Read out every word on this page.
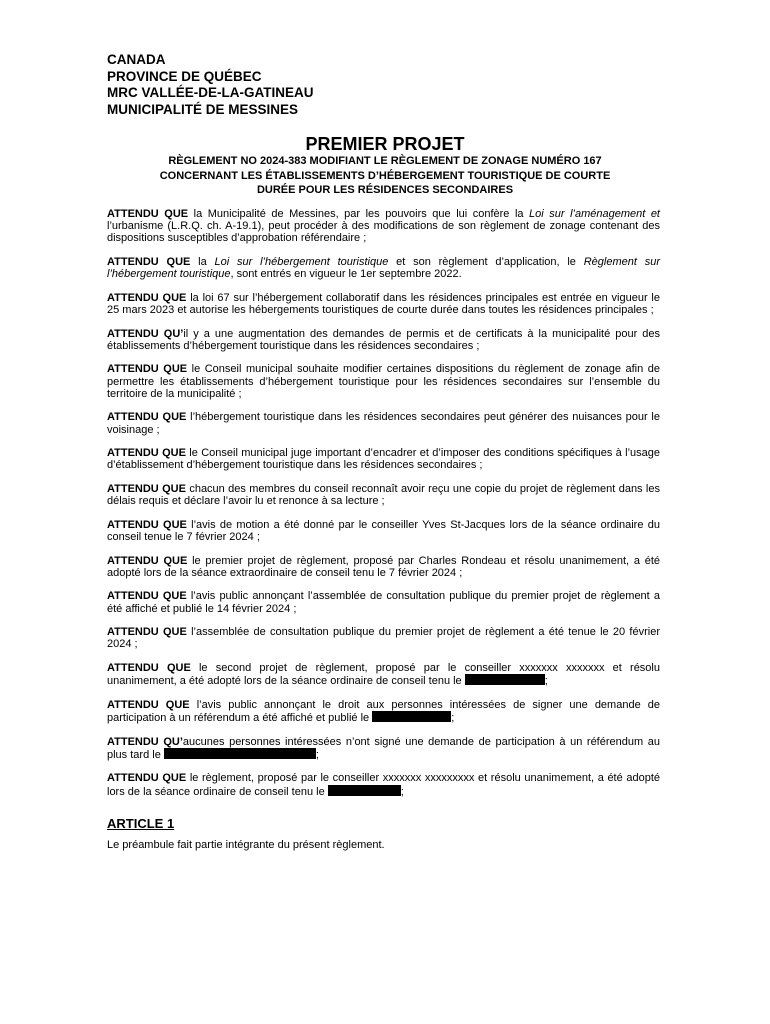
CANADA
PROVINCE DE QUÉBEC
MRC VALLÉE-DE-LA-GATINEAU
MUNICIPALITÉ DE MESSINES
PREMIER PROJET
RÈGLEMENT NO 2024-383 MODIFIANT LE RÈGLEMENT DE ZONAGE NUMÉRO 167
CONCERNANT LES ÉTABLISSEMENTS D’HÉBERGEMENT TOURISTIQUE DE COURTE
DURÉE POUR LES RÉSIDENCES SECONDAIRES

ATTENDU QUE la Municipalité de Messines, par les pouvoirs que lui confère la Loi sur l’aménagement et l’urbanisme (L.R.Q. ch. A-19.1), peut procéder à des modifications de son règlement de zonage contenant des dispositions susceptibles d’approbation référendaire ;

ATTENDU QUE la Loi sur l’hébergement touristique et son règlement d’application, le Règlement sur l’hébergement touristique, sont entrés en vigueur le 1er septembre 2022.

ATTENDU QUE la loi 67 sur l’hébergement collaboratif dans les résidences principales est entrée en vigueur le 25 mars 2023 et autorise les hébergements touristiques de courte durée dans toutes les résidences principales ;

ATTENDU QU’il y a une augmentation des demandes de permis et de certificats à la municipalité pour des établissements d’hébergement touristique dans les résidences secondaires ;

ATTENDU QUE le Conseil municipal souhaite modifier certaines dispositions du règlement de zonage afin de permettre les établissements d’hébergement touristique pour les résidences secondaires sur l’ensemble du territoire de la municipalité ;

ATTENDU QUE l’hébergement touristique dans les résidences secondaires peut générer des nuisances pour le voisinage ;

ATTENDU QUE le Conseil municipal juge important d’encadrer et d’imposer des conditions spécifiques à l’usage d’établissement d’hébergement touristique dans les résidences secondaires ;

ATTENDU QUE chacun des membres du conseil reconnaît avoir reçu une copie du projet de règlement dans les délais requis et déclare l’avoir lu et renonce à sa lecture ;

ATTENDU QUE l’avis de motion a été donné par le conseiller Yves St-Jacques lors de la séance ordinaire du conseil tenue le 7 février 2024 ;

ATTENDU QUE le premier projet de règlement, proposé par Charles Rondeau et résolu unanimement, a été adopté lors de la séance extraordinaire de conseil tenu le 7 février 2024 ;

ATTENDU QUE l’avis public annonçant l’assemblée de consultation publique du premier projet de règlement a été affiché et publié le 14 février 2024 ;

ATTENDU QUE l’assemblée de consultation publique du premier projet de règlement a été tenue le 20 février 2024 ;

ATTENDU QUE le second projet de règlement, proposé par le conseiller xxxxxxx xxxxxxx et résolu unanimement, a été adopté lors de la séance ordinaire de conseil tenu le	;

ATTENDU QUE l’avis public annonçant le droit aux personnes intéressées de signer une demande de participation à un référendum a été affiché et publié le	;

ATTENDU QU’aucunes personnes intéressées n’ont signé une demande de participation à un référendum au plus tard le	;

ATTENDU QUE le règlement, proposé par le conseiller xxxxxxx xxxxxxxxx et résolu unanimement, a été adopté lors de la séance ordinaire de conseil tenu le	;

ARTICLE 1

Le préambule fait partie intégrante du présent règlement.
